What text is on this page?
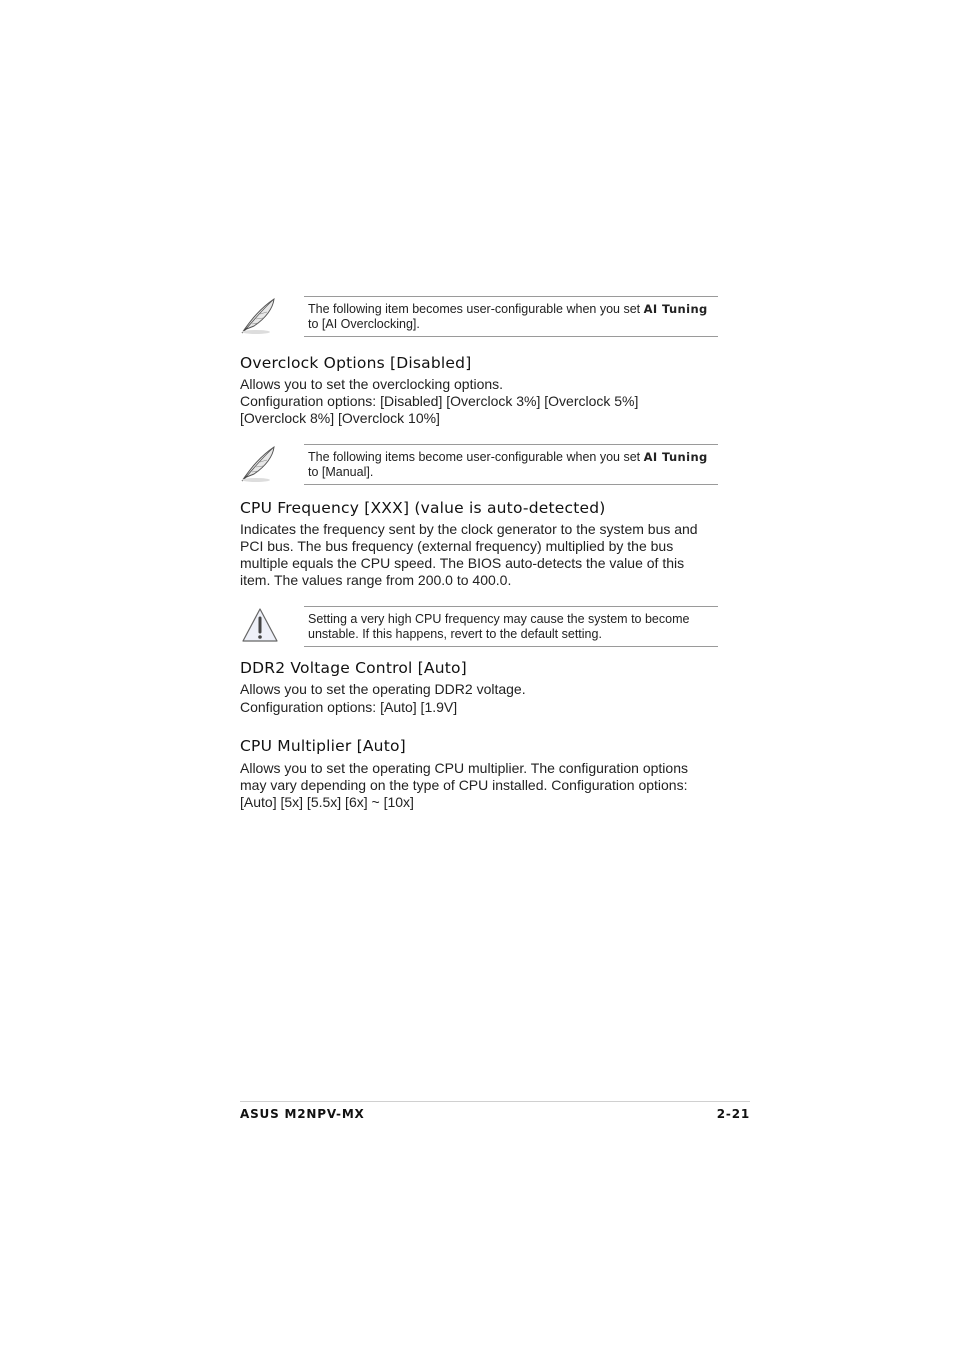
The following item becomes user-configurable when you set AI Tuning
to [AI Overclocking].
Overclock Options [Disabled]

Allows you to set the overclocking options.
Configuration options: [Disabled] [Overclock 3%] [Overclock 5%]
[Overclock 8%] [Overclock 10%]

The following items become user-configurable when you set AI Tuning
to [Manual].
CPU Frequency [XXX] (value is auto-detected)

Indicates the frequency sent by the clock generator to the system bus and
PCI bus. The bus frequency (external frequency) multiplied by the bus
multiple equals the CPU speed. The BIOS auto-detects the value of this
item. The values range from 200.0 to 400.0.

Setting a very high CPU frequency may cause the system to become
unstable. If this happens, revert to the default setting.
DDR2 Voltage Control [Auto]

Allows you to set the operating DDR2 voltage.
Configuration options: [Auto] [1.9V]

CPU Multiplier [Auto]

Allows you to set the operating CPU multiplier. The configuration options
may vary depending on the type of CPU installed. Configuration options:
[Auto] [5x] [5.5x] [6x] ~ [10x]

ASUS M2NPV-MX	2-21
